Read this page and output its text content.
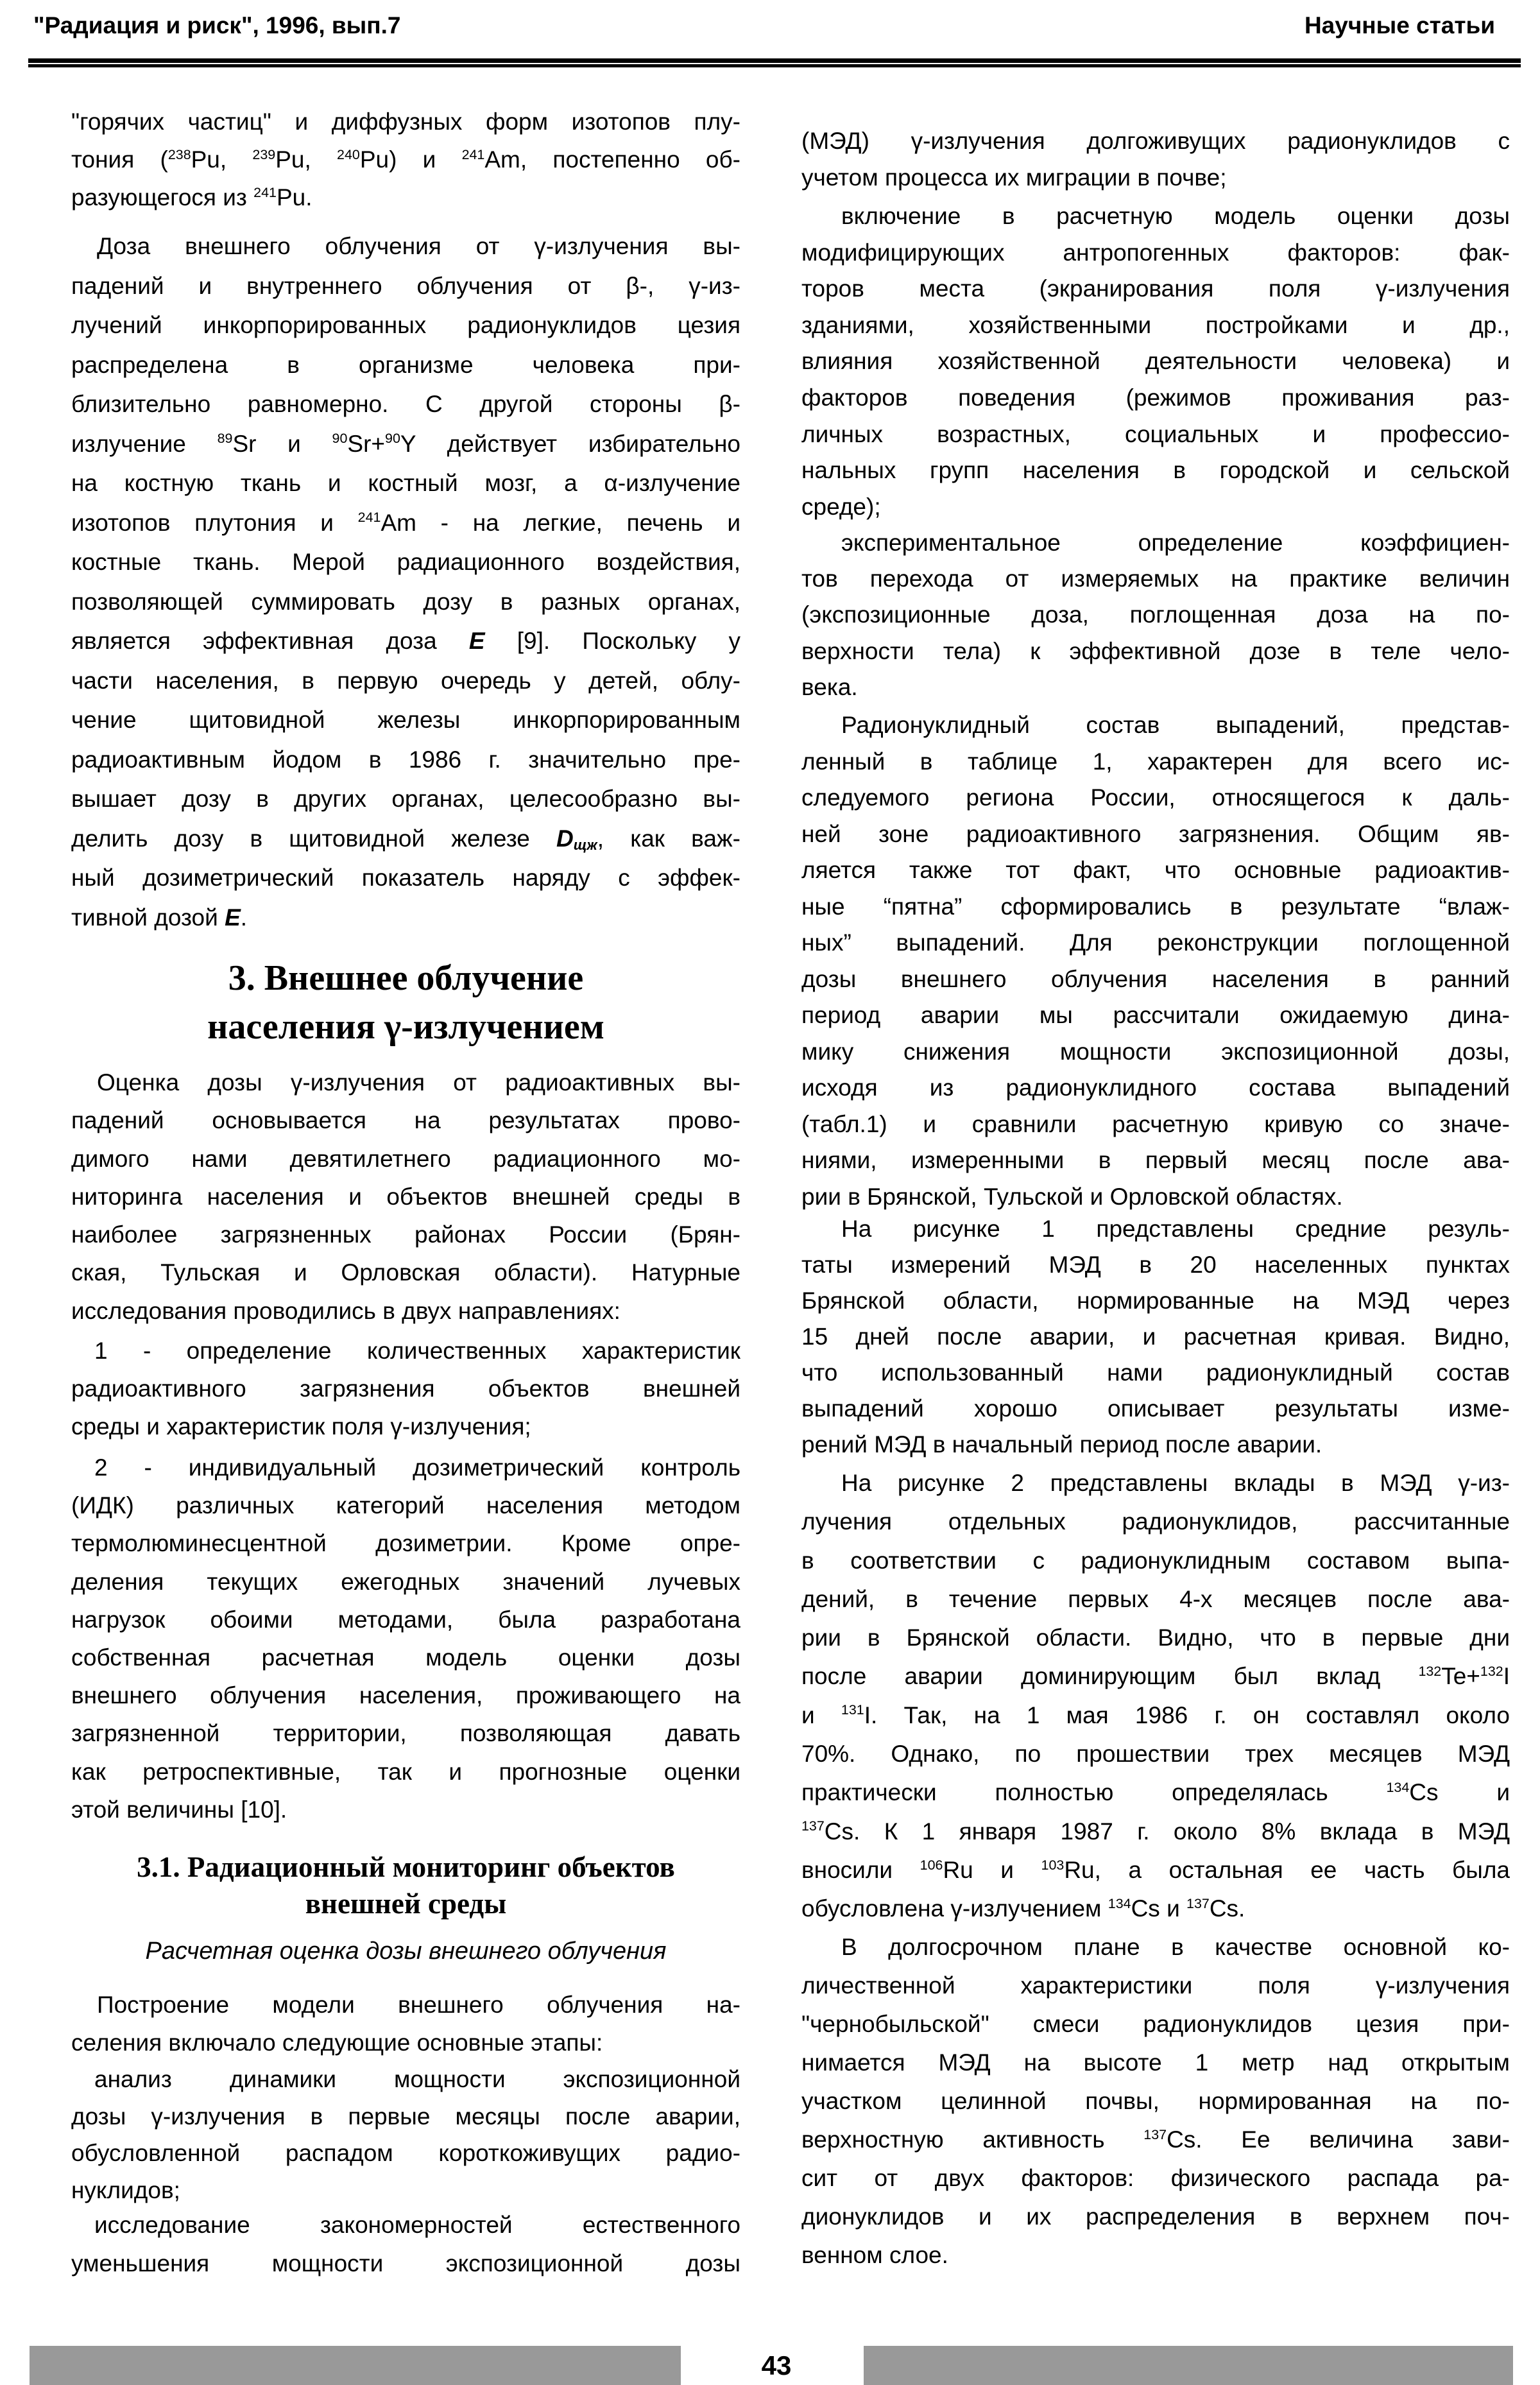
"Радиация и риск", 1996, вып.7	Научные статьи
"горячих частиц" и диффузных форм изотопов плу-
тония ($^{238}$Pu, $^{239}$Pu, $^{240}$Pu) и $^{241}$Am, постепенно об-
разующегося из $^{241}$Pu.
Доза внешнего облучения от γ-излучения вы-
падений и внутреннего облучения от β-, γ-из-
лучений инкорпорированных радионуклидов цезия
распределена в организме человека при-
близительно равномерно. С другой стороны β-
излучение $^{89}$Sr и $^{90}$Sr+$^{90}$Y действует избирательно
на костную ткань и костный мозг, а α-излучение
изотопов плутония и $^{241}$Am - на легкие, печень и
костные ткань. Мерой радиационного воздействия,
позволяющей суммировать дозу в разных органах,
является эффективная доза E [9]. Поскольку у
части населения, в первую очередь у детей, облу-
чение щитовидной железы инкорпорированным
радиоактивным йодом в 1986 г. значительно пре-
вышает дозу в других органах, целесообразно вы-
делить дозу в щитовидной железе Dщж, как важ-
ный дозиметрический показатель наряду с эффек-
тивной дозой E.
3. Внешнее облучение
населения γ-излучением
Оценка дозы γ-излучения от радиоактивных вы-
падений основывается на результатах прово-
димого нами девятилетнего радиационного мо-
ниторинга населения и объектов внешней среды в
наиболее загрязненных районах России (Брян-
ская, Тульская и Орловская области). Натурные
исследования проводились в двух направлениях:
1 - определение количественных характеристик
радиоактивного загрязнения объектов внешней
среды и характеристик поля γ-излучения;
2 - индивидуальный дозиметрический контроль
(ИДК) различных категорий населения методом
термолюминесцентной дозиметрии. Кроме опре-
деления текущих ежегодных значений лучевых
нагрузок обоими методами, была разработана
собственная расчетная модель оценки дозы
внешнего облучения населения, проживающего на
загрязненной территории, позволяющая давать
как ретроспективные, так и прогнозные оценки
этой величины [10].
3.1. Радиационный мониторинг объектов
внешней среды
Расчетная оценка дозы внешнего облучения
Построение модели внешнего облучения на-
селения включало следующие основные этапы:
анализ динамики мощности экспозиционной
дозы γ-излучения в первые месяцы после аварии,
обусловленной распадом короткоживущих радио-
нуклидов;
исследование закономерностей естественного
уменьшения мощности экспозиционной дозы
(МЭД) γ-излучения долгоживущих радионуклидов с
учетом процесса их миграции в почве;
включение в расчетную модель оценки дозы
модифицирующих антропогенных факторов: фак-
торов места (экранирования поля γ-излучения
зданиями, хозяйственными постройками и др.,
влияния хозяйственной деятельности человека) и
факторов поведения (режимов проживания раз-
личных возрастных, социальных и профессио-
нальных групп населения в городской и сельской
среде);
экспериментальное определение коэффициен-
тов перехода от измеряемых на практике величин
(экспозиционные доза, поглощенная доза на по-
верхности тела) к эффективной дозе в теле чело-
века.
Радионуклидный состав выпадений, представ-
ленный в таблице 1, характерен для всего ис-
следуемого региона России, относящегося к даль-
ней зоне радиоактивного загрязнения. Общим яв-
ляется также тот факт, что основные радиоактив-
ные “пятна” сформировались в результате “влаж-
ных” выпадений. Для реконструкции поглощенной
дозы внешнего облучения населения в ранний
период аварии мы рассчитали ожидаемую дина-
мику снижения мощности экспозиционной дозы,
исходя из радионуклидного состава выпадений
(табл.1) и сравнили расчетную кривую со значе-
ниями, измеренными в первый месяц после ава-
рии в Брянской, Тульской и Орловской областях.
На рисунке 1 представлены средние резуль-
таты измерений МЭД в 20 населенных пунктах
Брянской области, нормированные на МЭД через
15 дней после аварии, и расчетная кривая. Видно,
что использованный нами радионуклидный состав
выпадений хорошо описывает результаты изме-
рений МЭД в начальный период после аварии.
На рисунке 2 представлены вклады в МЭД γ-из-
лучения отдельных радионуклидов, рассчитанные
в соответствии с радионуклидным составом выпа-
дений, в течение первых 4-х месяцев после ава-
рии в Брянской области. Видно, что в первые дни
после аварии доминирующим был вклад $^{132}$Te+$^{132}$I
и $^{131}$I. Так, на 1 мая 1986 г. он составлял около
70%. Однако, по прошествии трех месяцев МЭД
практически полностью определялась $^{134}$Cs и
$^{137}$Cs. К 1 января 1987 г. около 8% вклада в МЭД
вносили $^{106}$Ru и $^{103}$Ru, а остальная ее часть была
обусловлена γ-излучением $^{134}$Cs и $^{137}$Cs.
В долгосрочном плане в качестве основной ко-
личественной характеристики поля γ-излучения
"чернобыльской" смеси радионуклидов цезия при-
нимается МЭД на высоте 1 метр над открытым
участком целинной почвы, нормированная на по-
верхностную активность $^{137}$Cs. Ее величина зави-
сит от двух факторов: физического распада ра-
дионуклидов и их распределения в верхнем поч-
венном слое.
43
